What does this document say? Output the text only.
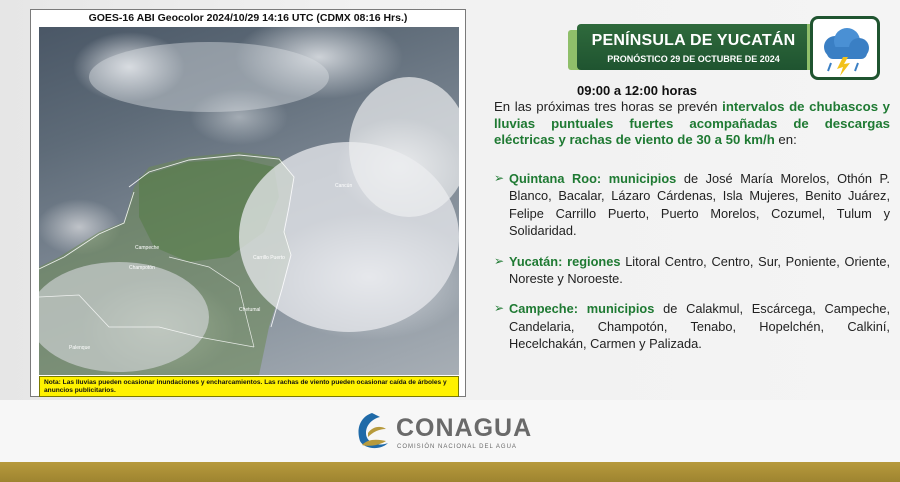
GOES-16 ABI Geocolor 2024/10/29 14:16 UTC (CDMX 08:16 Hrs.)
Cancún
Campeche
Chetumal
Champotón
Carrillo Puerto
Palenque
Nota: Las lluvias pueden ocasionar inundaciones y encharcamientos. Las rachas de viento pueden ocasionar caída de árboles y anuncios publicitarios.
PENÍNSULA DE YUCATÁN
PRONÓSTICO 29 DE OCTUBRE DE 2024
09:00 a 12:00 horas
En las próximas tres horas se prevén intervalos de chubascos y lluvias puntuales fuertes acompañadas de descargas eléctricas y rachas de viento de 30 a 50 km/h en:
➢ Quintana Roo: municipios de José María Morelos, Othón P. Blanco, Bacalar, Lázaro Cárdenas, Isla Mujeres, Benito Juárez, Felipe Carrillo Puerto, Puerto Morelos, Cozumel, Tulum y Solidaridad.
➢ Yucatán: regiones Litoral Centro, Centro, Sur, Poniente, Oriente, Noreste y Noroeste.
➢ Campeche: municipios de Calakmul, Escárcega, Campeche, Candelaria, Champotón, Tenabo, Hopelchén, Calkiní, Hecelchakán, Carmen y Palizada.
CONAGUA
COMISIÓN NACIONAL DEL AGUA
